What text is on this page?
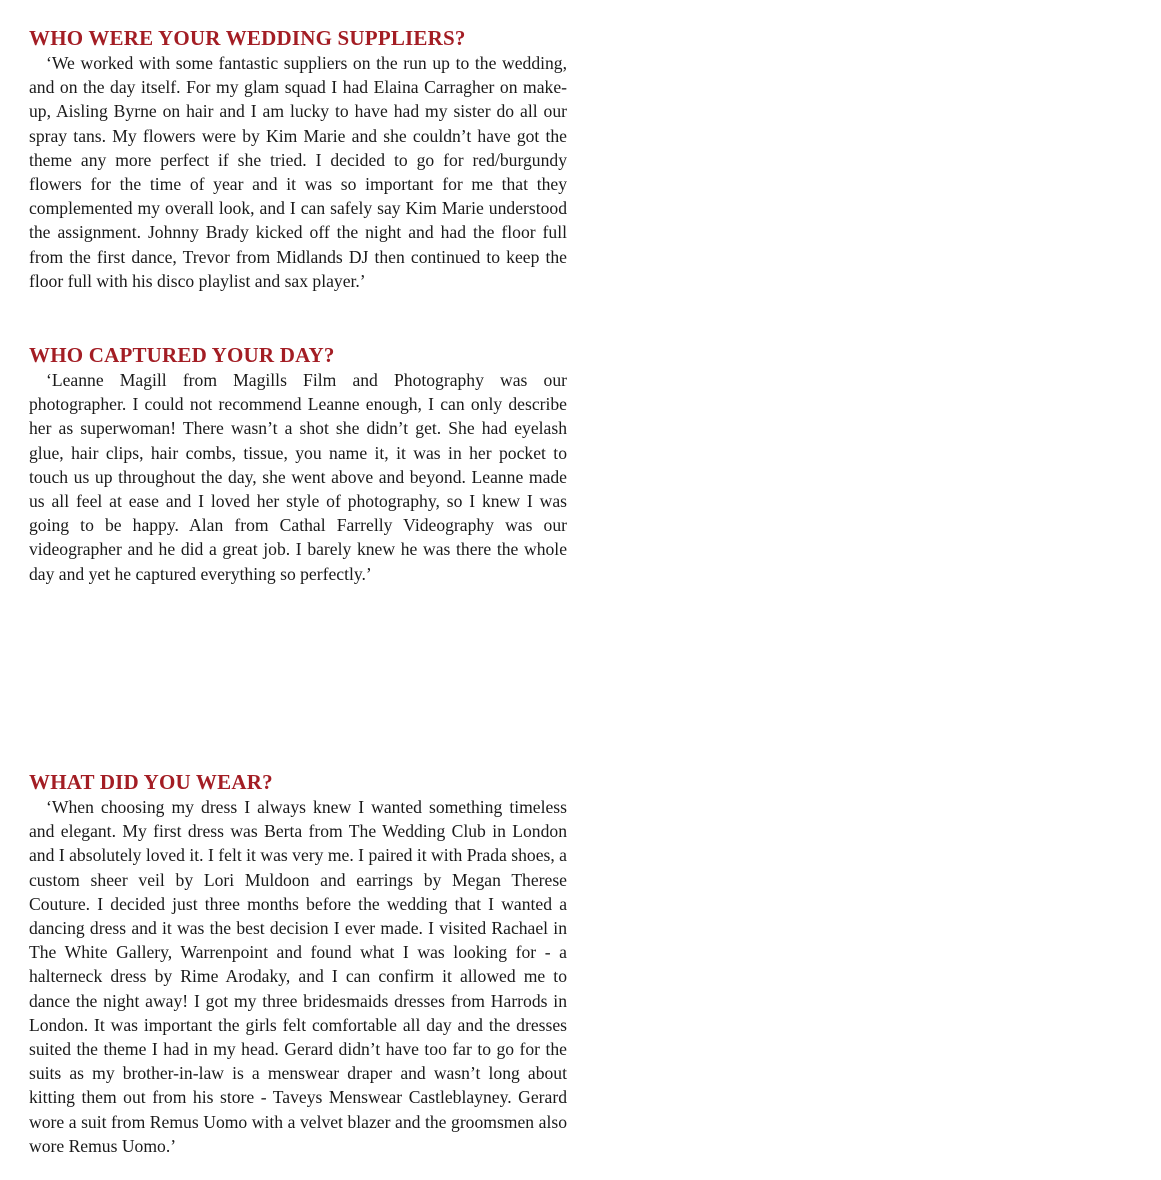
WHO WERE YOUR WEDDING SUPPLIERS?

‘We worked with some fantastic suppliers on the run up to the wedding, and on the day itself. For my glam squad I had Elaina Carragher on make-up, Aisling Byrne on hair and I am lucky to have had my sister do all our spray tans. My flowers were by Kim Marie and she couldn’t have got the theme any more perfect if she tried. I decided to go for red/burgundy flowers for the time of year and it was so important for me that they complemented my overall look, and I can safely say Kim Marie understood the assignment. Johnny Brady kicked off the night and had the floor full from the first dance, Trevor from Midlands DJ then continued to keep the floor full with his disco playlist and sax player.’

WHO CAPTURED YOUR DAY?

‘Leanne Magill from Magills Film and Photography was our photographer. I could not recommend Leanne enough, I can only describe her as superwoman! There wasn’t a shot she didn’t get. She had eyelash glue, hair clips, hair combs, tissue, you name it, it was in her pocket to touch us up throughout the day, she went above and beyond. Leanne made us all feel at ease and I loved her style of photography, so I knew I was going to be happy. Alan from Cathal Farrelly Videography was our videographer and he did a great job. I barely knew he was there the whole day and yet he captured everything so perfectly.’

WHAT DID YOU WEAR?

‘When choosing my dress I always knew I wanted something timeless and elegant. My first dress was Berta from The Wedding Club in London and I absolutely loved it. I felt it was very me. I paired it with Prada shoes, a custom sheer veil by Lori Muldoon and earrings by Megan Therese Couture. I decided just three months before the wedding that I wanted a dancing dress and it was the best decision I ever made. I visited Rachael in The White Gallery, Warrenpoint and found what I was looking for - a halterneck dress by Rime Arodaky, and I can confirm it allowed me to dance the night away! I got my three bridesmaids dresses from Harrods in London. It was important the girls felt comfortable all day and the dresses suited the theme I had in my head. Gerard didn’t have too far to go for the suits as my brother-in-law is a menswear draper and wasn’t long about kitting them out from his store - Taveys Menswear Castleblayney. Gerard wore a suit from Remus Uomo with a velvet blazer and the groomsmen also wore Remus Uomo.’
